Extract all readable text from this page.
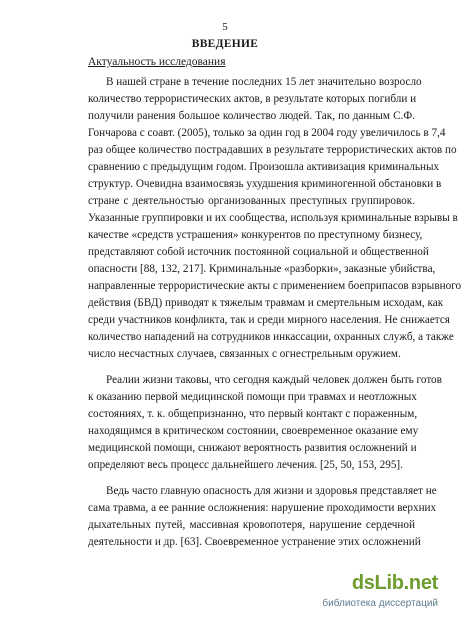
5
ВВЕДЕНИЕ
Актуальность исследования
В нашей стране в течение последних 15 лет значительно возросло
количество террористических актов, в результате которых погибли и
получили ранения большое количество людей. Так, по данным С.Ф.
Гончарова с соавт. (2005), только за один год в 2004 году увеличилось в 7,4
раз общее количество пострадавших в результате террористических актов по
сравнению с предыдущим годом. Произошла активизация криминальных
структур. Очевидна взаимосвязь ухудшения криминогенной обстановки в
стране с деятельностью организованных преступных группировок.
Указанные группировки и их сообщества, используя криминальные взрывы в
качестве «средств устрашения» конкурентов по преступному бизнесу,
представляют собой источник постоянной социальной и общественной
опасности [88, 132, 217]. Криминальные «разборки», заказные убийства,
направленные террористические акты с применением боеприпасов взрывного
действия (БВД) приводят к тяжелым травмам и смертельным исходам, как
среди участников конфликта, так и среди мирного населения. Не снижается
количество нападений на сотрудников инкассации, охранных служб, а также
число несчастных случаев, связанных с огнестрельным оружием.
Реалии жизни таковы, что сегодня каждый человек должен быть готов
к оказанию первой медицинской помощи при травмах и неотложных
состояниях, т. к. общепризнанно, что первый контакт с пораженным,
находящимся в критическом состоянии, своевременное оказание ему
медицинской помощи, снижают вероятность развития осложнений и
определяют весь процесс дальнейшего лечения. [25, 50, 153, 295].
Ведь часто главную опасность для жизни и здоровья представляет не
сама травма, а ее ранние осложнения: нарушение проходимости верхних
дыхательных путей, массивная кровопотеря, нарушение сердечной
деятельности и др. [63]. Своевременное устранение этих осложнений
dsLib.net
библиотека диссертаций
